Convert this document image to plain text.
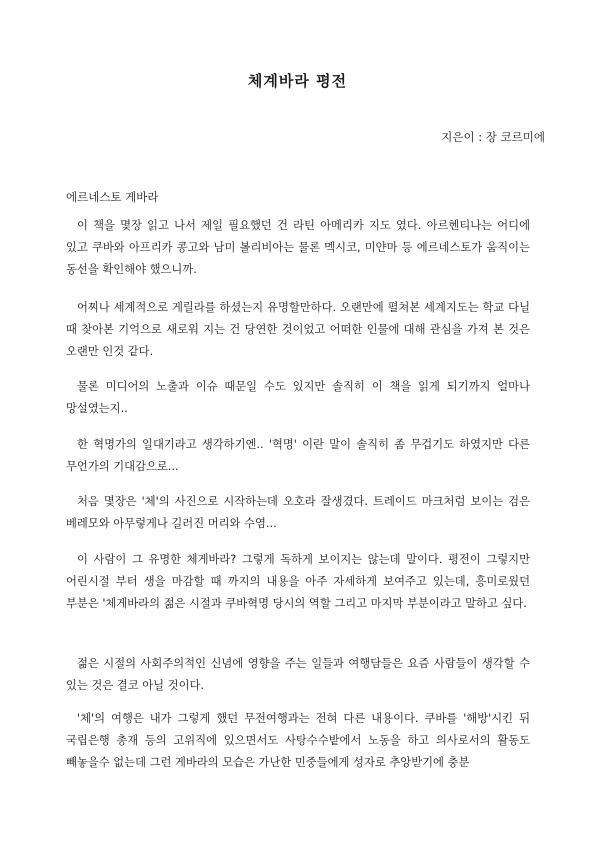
체계바라 평전
지은이 : 장 코르미에
에르네스토 게바라
이 책을 몇장 읽고 나서 제일 필요했던 건 라틴 아메리카 지도 였다. 아르헨티나는 어디에 있고 쿠바와 아프리카 콩고와 남미 볼리비아는 물론 멕시코, 미얀마 등 에르네스토가 움직이는 동선을 확인해야 했으니까.
어찌나 세계적으로 게릴라를 하셨는지 유명할만하다. 오랜만에 펼쳐본 세계지도는 학교 다닐 때 찾아본 기억으로 새로워 지는 건 당연한 것이었고 어떠한 인물에 대해 관심을 가져 본 것은 오랜만 인것 같다.
물론 미디어의 노출과 이슈 때문일 수도 있지만 솔직히 이 책을 읽게 되기까지 얼마나 망설였는지..
한 혁명가의 일대기라고 생각하기엔.. '혁명' 이란 말이 솔직히 좀 무겁기도 하였지만 다른 무언가의 기대감으로...
처음 몇장은 '체'의 사진으로 시작하는데 오호라 잘생겼다. 트레이드 마크처럼 보이는 검은 베레모와 아무렇게나 길러진 머리와 수염...
이 사람이 그 유명한 체게바라? 그렇게 독하게 보이지는 않는데 말이다. 평전이 그렇지만 어린시절 부터 생을 마감할 때 까지의 내용을 아주 자세하게 보여주고 있는데, 흥미로웠던 부분은 '체게바라의 젊은 시절과 쿠바혁명 당시의 역할 그리고 마지막 부분이라고 말하고 싶다.
젊은 시절의 사회주의적인 신념에 영향을 주는 일들과 여행담들은 요즘 사람들이 생각할 수 있는 것은 결코 아닐 것이다.
'체'의 여행은 내가 그렇게 했던 무전여행과는 전혀 다른 내용이다. 쿠바를 '해방'시킨 뒤 국립은행 총재 등의 고위직에 있으면서도 사탕수수밭에서 노동을 하고 의사로서의 활동도 빼놓을수 없는데 그런 게바라의 모습은 가난한 민중들에게 성자로 추앙받기에 충분
